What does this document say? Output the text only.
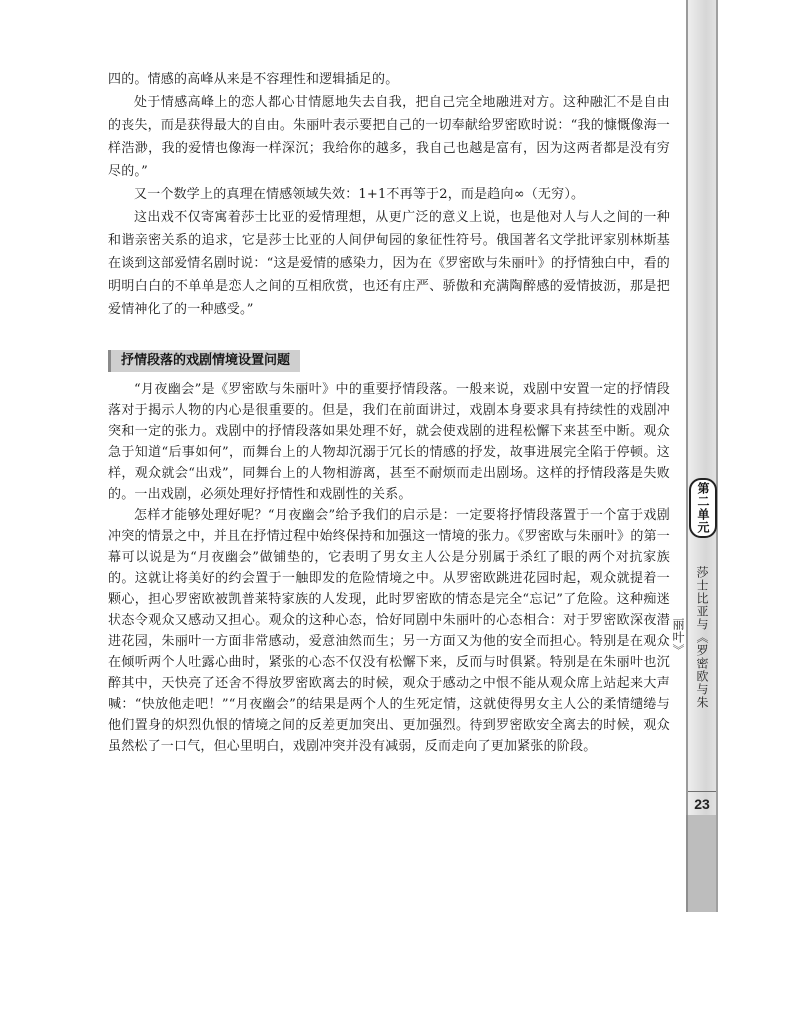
四的。情感的高峰从来是不容理性和逻辑插足的。

处于情感高峰上的恋人都心甘情愿地失去自我，把自己完全地融进对方。这种融汇不是自由的丧失，而是获得最大的自由。朱丽叶表示要把自己的一切奉献给罗密欧时说：“我的慷慨像海一样浩渺，我的爱情也像海一样深沉；我给你的越多，我自己也越是富有，因为这两者都是没有穷尽的。”

又一个数学上的真理在情感领域失效：1+1不再等于2，而是趋向∞（无穷）。

这出戏不仅寄寓着莎士比亚的爱情理想，从更广泛的意义上说，也是他对人与人之间的一种和谐亲密关系的追求，它是莎士比亚的人间伊甸园的象征性符号。俄国著名文学批评家别林斯基在谈到这部爱情名剧时说：“这是爱情的感染力，因为在《罗密欧与朱丽叶》的抒情独白中，看的明明白白的不单单是恋人之间的互相欣赏，也还有庄严、骄傲和充满陶醉感的爱情披沥，那是把爱情神化了的一种感受。”

抒情段落的戏剧情境设置问题

“月夜幽会”是《罗密欧与朱丽叶》中的重要抒情段落。一般来说，戏剧中安置一定的抒情段落对于揭示人物的内心是很重要的。但是，我们在前面讲过，戏剧本身要求具有持续性的戏剧冲突和一定的张力。戏剧中的抒情段落如果处理不好，就会使戏剧的进程松懈下来甚至中断。观众急于知道“后事如何”，而舞台上的人物却沉溺于冗长的情感的抒发，故事进展完全陷于停顿。这样，观众就会“出戏”，同舞台上的人物相游离，甚至不耐烦而走出剧场。这样的抒情段落是失败的。一出戏剧，必须处理好抒情性和戏剧性的关系。

怎样才能够处理好呢？“月夜幽会”给予我们的启示是：一定要将抒情段落置于一个富于戏剧冲突的情景之中，并且在抒情过程中始终保持和加强这一情境的张力。《罗密欧与朱丽叶》的第一幕可以说是为“月夜幽会”做铺垫的，它表明了男女主人公是分别属于杀红了眼的两个对抗家族的。这就让将美好的约会置于一触即发的危险情境之中。从罗密欧跳进花园时起，观众就提着一颗心，担心罗密欧被凯普莱特家族的人发现，此时罗密欧的情态是完全“忘记”了危险。这种痴迷状态令观众又感动又担心。观众的这种心态，恰好同剧中朱丽叶的心态相合：对于罗密欧深夜潜进花园，朱丽叶一方面非常感动，爱意油然而生；另一方面又为他的安全而担心。特别是在观众在倾听两个人吐露心曲时，紧张的心态不仅没有松懈下来，反而与时俱紧。特别是在朱丽叶也沉醉其中，天快亮了还舍不得放罗密欧离去的时候，观众于感动之中恨不能从观众席上站起来大声喊：“快放他走吧！”“月夜幽会”的结果是两个人的生死定情，这就使得男女主人公的柔情缱绻与他们置身的炽烈仇恨的情境之间的反差更加突出、更加强烈。待到罗密欧安全离去的时候，观众虽然松了一口气，但心里明白，戏剧冲突并没有减弱，反而走向了更加紧张的阶段。

第二单元
莎士比亚与《罗密欧与朱丽叶》
23
